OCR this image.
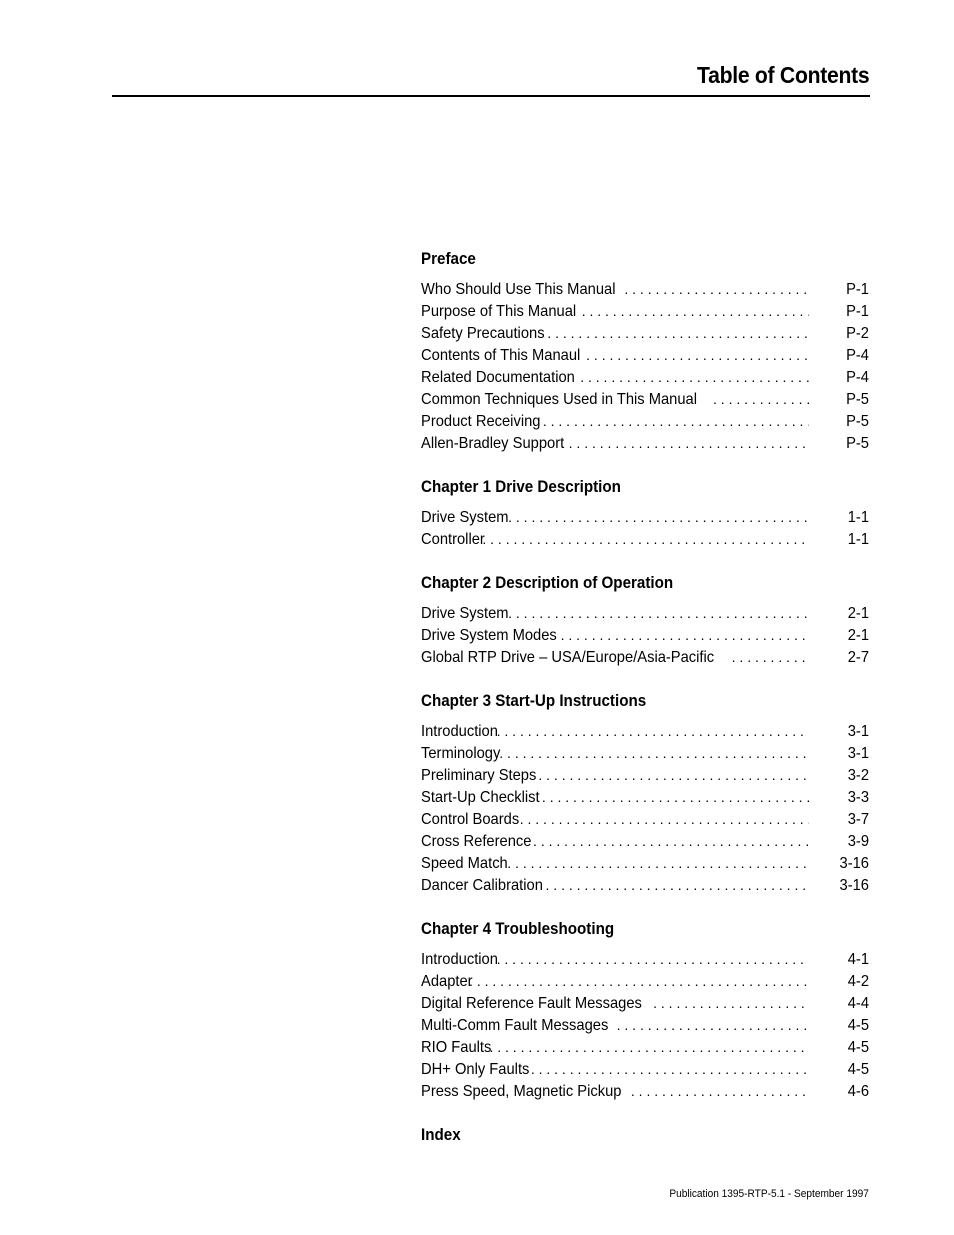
Table of Contents
Preface
Who Should Use This Manual . . .	P-1
Purpose of This Manual . . .	P-1
Safety Precautions . . .	P-2
Contents of This Manaul . . .	P-4
Related Documentation . . .	P-4
Common Techniques Used in This Manual . . .	P-5
Product Receiving . . .	P-5
Allen-Bradley Support . . .	P-5
Chapter 1 Drive Description
Drive System . . .	1-1
Controller . . .	1-1
Chapter 2 Description of Operation
Drive System . . .	2-1
Drive System Modes . . .	2-1
Global RTP Drive – USA/Europe/Asia-Pacific . . .	2-7
Chapter 3 Start-Up Instructions
Introduction . . .	3-1
Terminology . . .	3-1
Preliminary Steps . . .	3-2
Start-Up Checklist . . .	3-3
Control Boards . . .	3-7
Cross Reference . . .	3-9
Speed Match . . .	3-16
Dancer Calibration . . .	3-16
Chapter 4 Troubleshooting
Introduction . . .	4-1
Adapter . . .	4-2
Digital Reference Fault Messages . . .	4-4
Multi-Comm Fault Messages . . .	4-5
RIO Faults . . .	4-5
DH+ Only Faults . . .	4-5
Press Speed, Magnetic Pickup . . .	4-6
Index
Publication 1395-RTP-5.1 - September 1997
